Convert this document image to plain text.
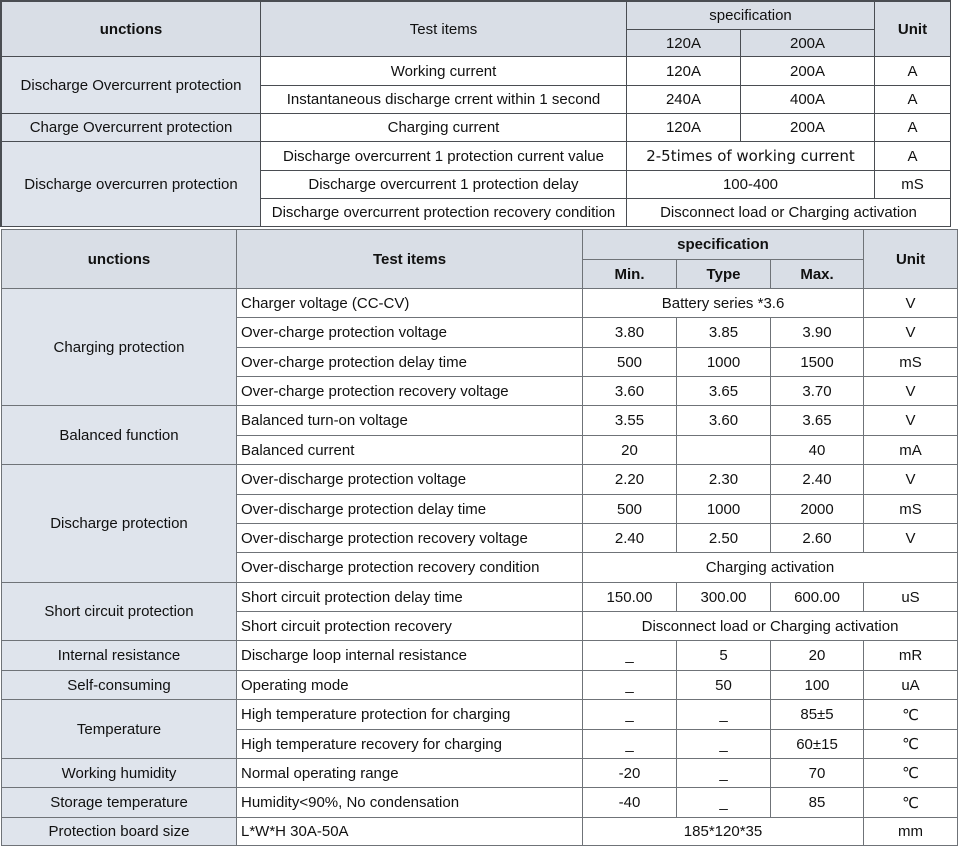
unctions	Test items	specification		Unit
		120A	200A	
Discharge Overcurrent protection	Working current	120A	200A	A
	Instantaneous discharge crrent within 1 second	240A	400A	A
Charge Overcurrent protection	Charging current	120A	200A	A
Discharge overcurren protection	Discharge overcurrent 1 protection current value	2-5times of working current		A
	Discharge overcurrent 1 protection delay	100-400		mS
	Discharge overcurrent protection recovery condition	Disconnect load or Charging activation		
unctions	Test items	specification			Unit
		Min.	Type	Max.	
Charging protection	Charger voltage (CC-CV)	Battery series *3.6			V
	Over-charge protection voltage	3.80	3.85	3.90	V
	Over-charge protection delay time	500	1000	1500	mS
	Over-charge protection recovery voltage	3.60	3.65	3.70	V
Balanced function	Balanced turn-on voltage	3.55	3.60	3.65	V
	Balanced current	20		40	mA
Discharge protection	Over-discharge protection voltage	2.20	2.30	2.40	V
	Over-discharge protection delay time	500	1000	2000	mS
	Over-discharge protection recovery voltage	2.40	2.50	2.60	V
	Over-discharge protection recovery condition	Charging activation			
Short circuit protection	Short circuit protection delay time	150.00	300.00	600.00	uS
	Short circuit protection recovery	Disconnect load or Charging activation			
Internal resistance	Discharge loop internal resistance	_	5	20	mR
Self-consuming	Operating mode	_	50	100	uA
Temperature	High temperature protection for charging	_	_	85±5	℃
	High temperature recovery for charging	_	_	60±15	℃
Working humidity	Normal operating range	-20	_	70	℃
Storage temperature	Humidity<90%, No condensation	-40	_	85	℃
Protection board size	L*W*H 30A-50A	185*120*35			mm
